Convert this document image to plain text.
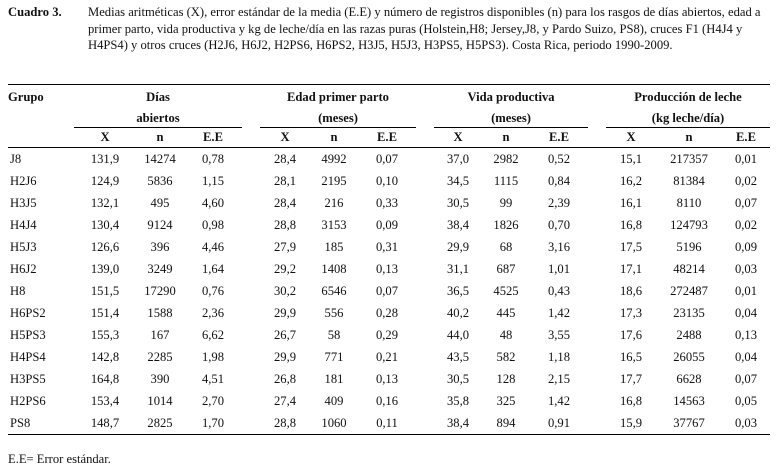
Cuadro 3. Medias aritméticas (X), error estándar de la media (E.E) y número de registros disponibles (n) para los rasgos de días abiertos, edad a primer parto, vida productiva y kg de leche/día en las razas puras (Holstein,H8; Jersey,J8, y Pardo Suizo, PS8), cruces F1 (H4J4 y H4PS4) y otros cruces (H2J6, H6J2, H2PS6, H6PS2, H3J5, H5J3, H3PS5, H5PS3). Costa Rica, periodo 1990-2009.
Grupo	Días				Edad primer parto				Vida productiva				Producción de leche		
	abiertos				(meses)				(meses)				(kg leche/día)		

	X	n	E.E		X	n	E.E		X	n	E.E		X	n	E.E
J8	131,9	14274	0,78		28,4	4992	0,07		37,0	2982	0,52		15,1	217357	0,01
H2J6	124,9	5836	1,15		28,1	2195	0,10		34,5	1115	0,84		16,2	81384	0,02
H3J5	132,1	495	4,60		28,4	216	0,33		30,5	99	2,39		16,1	8110	0,07
H4J4	130,4	9124	0,98		28,8	3153	0,09		38,4	1826	0,70		16,8	124793	0,02
H5J3	126,6	396	4,46		27,9	185	0,31		29,9	68	3,16		17,5	5196	0,09
H6J2	139,0	3249	1,64		29,2	1408	0,13		31,1	687	1,01		17,1	48214	0,03
H8	151,5	17290	0,76		30,2	6546	0,07		36,5	4525	0,43		18,6	272487	0,01
H6PS2	151,4	1588	2,36		29,9	556	0,28		40,2	445	1,42		17,3	23135	0,04
H5PS3	155,3	167	6,62		26,7	58	0,29		44,0	48	3,55		17,6	2488	0,13
H4PS4	142,8	2285	1,98		29,9	771	0,21		43,5	582	1,18		16,5	26055	0,04
H3PS5	164,8	390	4,51		26,8	181	0,13		30,5	128	2,15		17,7	6628	0,07
H2PS6	153,4	1014	2,70		27,4	409	0,16		35,8	325	1,42		16,8	14563	0,05
PS8	148,7	2825	1,70		28,8	1060	0,11		38,4	894	0,91		15,9	37767	0,03
E.E= Error estándar.
